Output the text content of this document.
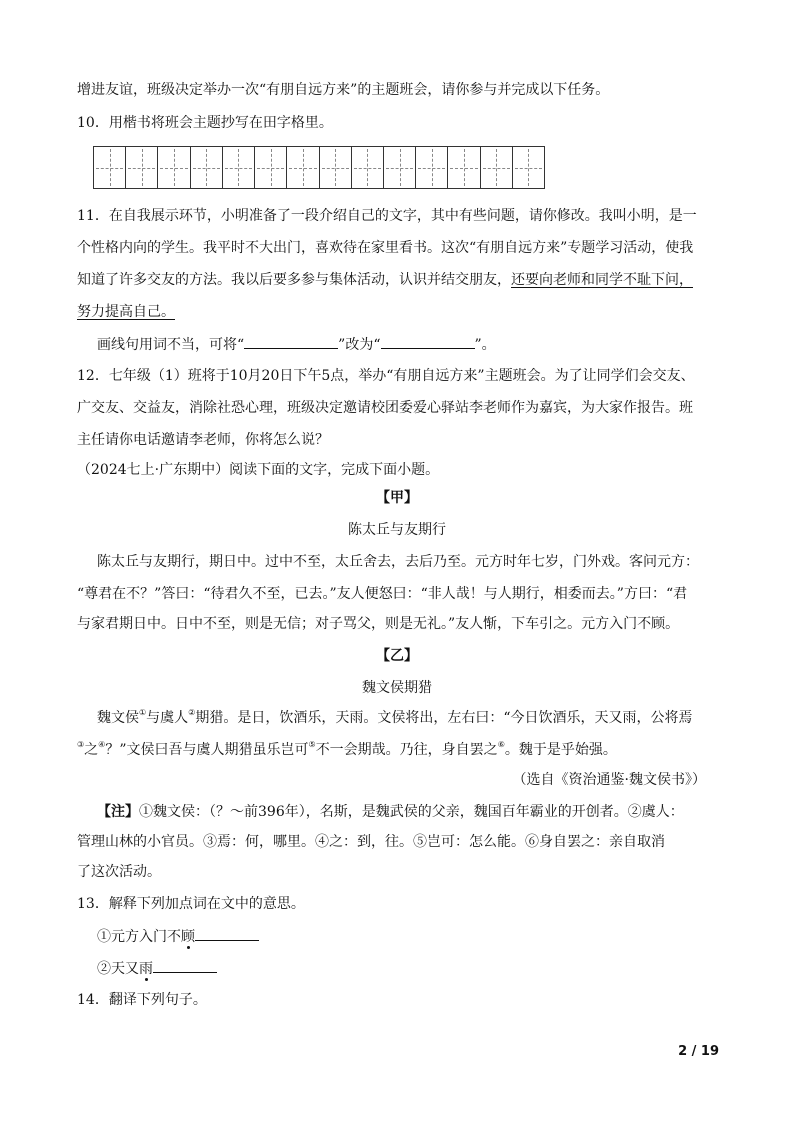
增进友谊，班级决定举办一次“有朋自远方来”的主题班会，请你参与并完成以下任务。
10．用楷书将班会主题抄写在田字格里。
11．在自我展示环节，小明准备了一段介绍自己的文字，其中有些问题，请你修改。我叫小明，是一
个性格内向的学生。我平时不大出门，喜欢待在家里看书。这次“有朋自远方来”专题学习活动，使我
知道了许多交友的方法。我以后要多参与集体活动，认识并结交朋友，还要向老师和同学不耻下问，
努力提高自己。
画线句用词不当，可将“	”改为“	”。
12．七年级（1）班将于10月20日下午5点，举办“有朋自远方来”主题班会。为了让同学们会交友、
广交友、交益友，消除社恐心理，班级决定邀请校团委爱心驿站李老师作为嘉宾，为大家作报告。班
主任请你电话邀请李老师，你将怎么说？
（2024七上·广东期中）阅读下面的文字，完成下面小题。
【甲】
陈太丘与友期行
陈太丘与友期行，期日中。过中不至，太丘舍去，去后乃至。元方时年七岁，门外戏。客问元方：
“尊君在不？”答曰：“待君久不至，已去。”友人便怒曰：“非人哉！与人期行，相委而去。”方曰：“君
与家君期日中。日中不至，则是无信；对子骂父，则是无礼。”友人惭，下车引之。元方入门不顾。
【乙】
魏文侯期猎
魏文侯①与虞人②期猎。是日，饮酒乐，天雨。文侯将出，左右曰：“今日饮酒乐，天又雨，公将焉
③之④？”文侯曰吾与虞人期猎虽乐岂可⑤不一会期哉。乃往，身自罢之⑥。魏于是乎始强。
（选自《资治通鉴·魏文侯书》）
【注】①魏文侯：（？～前396年），名斯，是魏武侯的父亲，魏国百年霸业的开创者。②虞人：
管理山林的小官员。③焉：何，哪里。④之：到，往。⑤岂可：怎么能。⑥身自罢之：亲自取消
了这次活动。
13．解释下列加点词在文中的意思。
①元方入门不顾
②天又雨
14．翻译下列句子。
2 / 19
